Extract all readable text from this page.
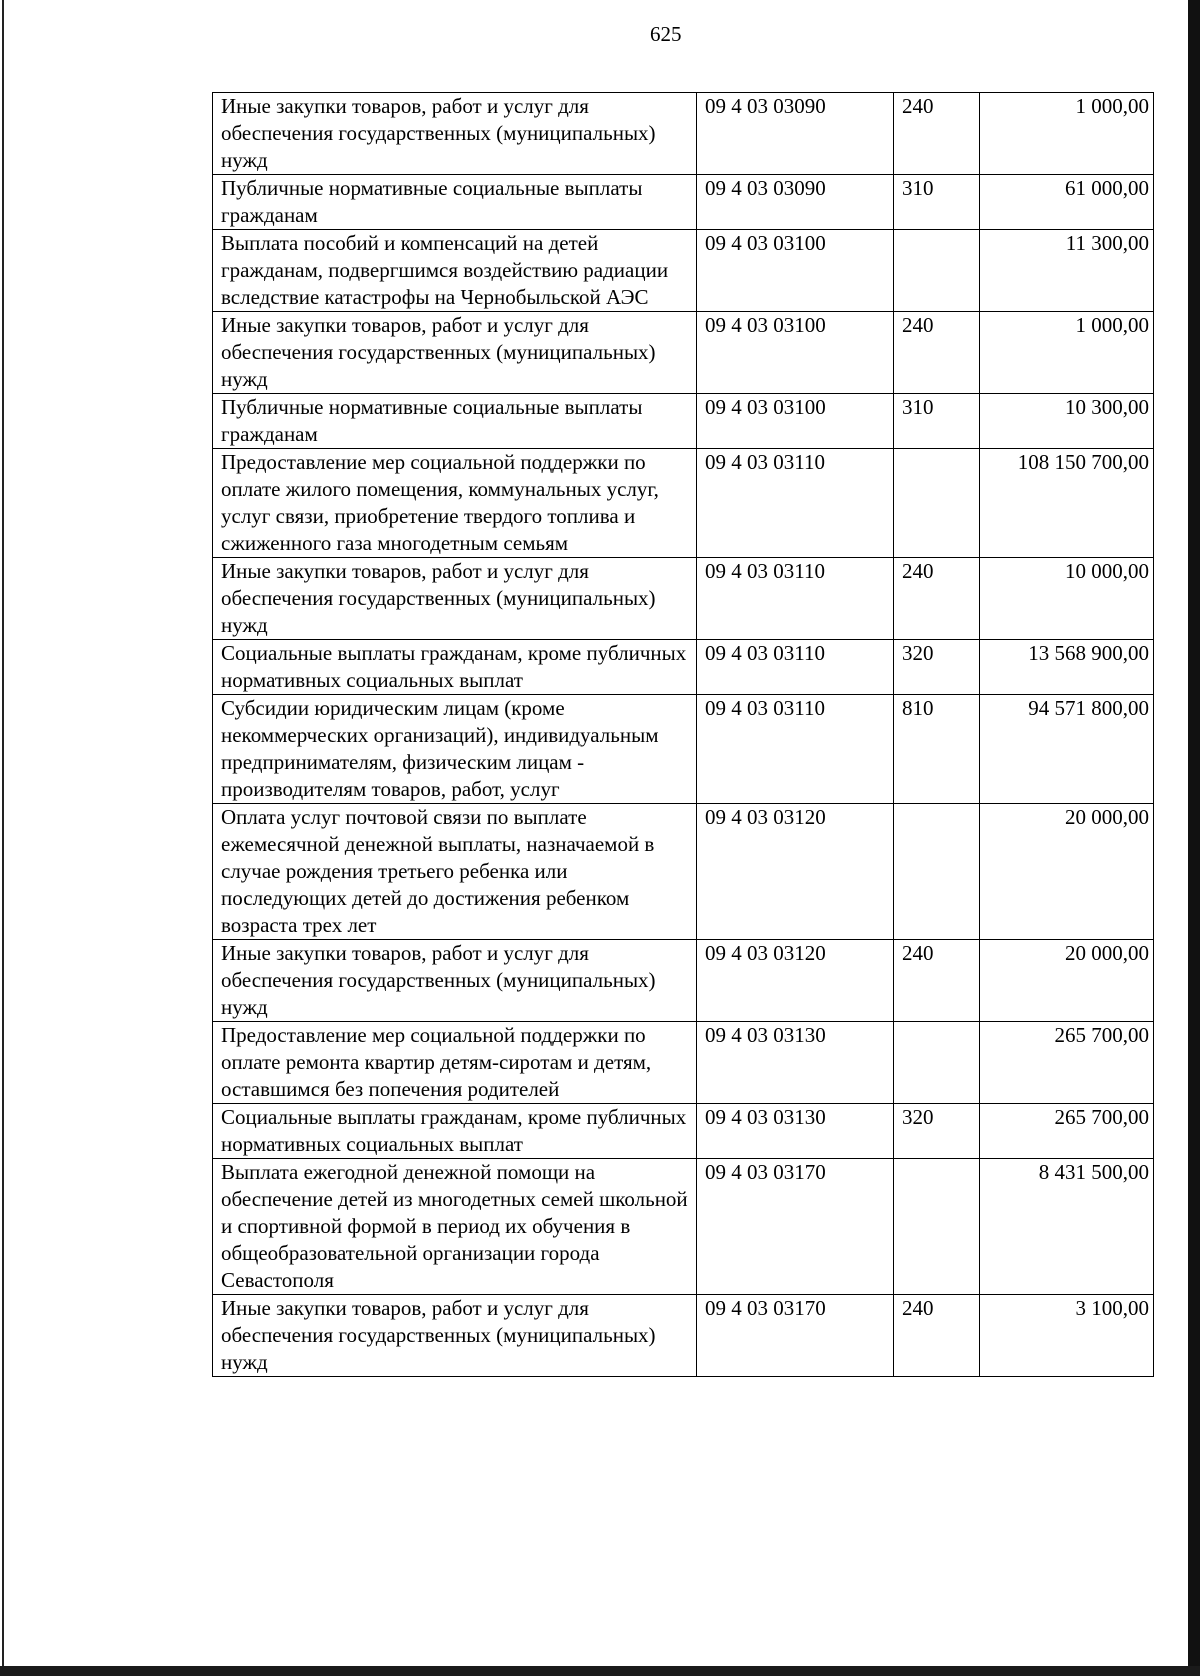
625
Иные закупки товаров, работ и услуг для обеспечения государственных (муниципальных) нужд	09 4 03 03090	240	1 000,00
Публичные нормативные социальные выплаты гражданам	09 4 03 03090	310	61 000,00
Выплата пособий и компенсаций на детей гражданам, подвергшимся воздействию радиации вследствие катастрофы на Чернобыльской АЭС	09 4 03 03100		11 300,00
Иные закупки товаров, работ и услуг для обеспечения государственных (муниципальных) нужд	09 4 03 03100	240	1 000,00
Публичные нормативные социальные выплаты гражданам	09 4 03 03100	310	10 300,00
Предоставление мер социальной поддержки по оплате жилого помещения, коммунальных услуг, услуг связи, приобретение твердого топлива и сжиженного газа многодетным семьям	09 4 03 03110		108 150 700,00
Иные закупки товаров, работ и услуг для обеспечения государственных (муниципальных) нужд	09 4 03 03110	240	10 000,00
Социальные выплаты гражданам, кроме публичных нормативных социальных выплат	09 4 03 03110	320	13 568 900,00
Субсидии юридическим лицам (кроме некоммерческих организаций), индивидуальным предпринимателям, физическим лицам - производителям товаров, работ, услуг	09 4 03 03110	810	94 571 800,00
Оплата услуг почтовой связи по выплате ежемесячной денежной выплаты, назначаемой в случае рождения третьего ребенка или последующих детей до достижения ребенком возраста трех лет	09 4 03 03120		20 000,00
Иные закупки товаров, работ и услуг для обеспечения государственных (муниципальных) нужд	09 4 03 03120	240	20 000,00
Предоставление мер социальной поддержки по оплате ремонта квартир детям-сиротам и детям, оставшимся без попечения родителей	09 4 03 03130		265 700,00
Социальные выплаты гражданам, кроме публичных нормативных социальных выплат	09 4 03 03130	320	265 700,00
Выплата ежегодной денежной помощи на обеспечение детей из многодетных семей школьной и спортивной формой в период их обучения в общеобразовательной организации города Севастополя	09 4 03 03170		8 431 500,00
Иные закупки товаров, работ и услуг для обеспечения государственных (муниципальных) нужд	09 4 03 03170	240	3 100,00
